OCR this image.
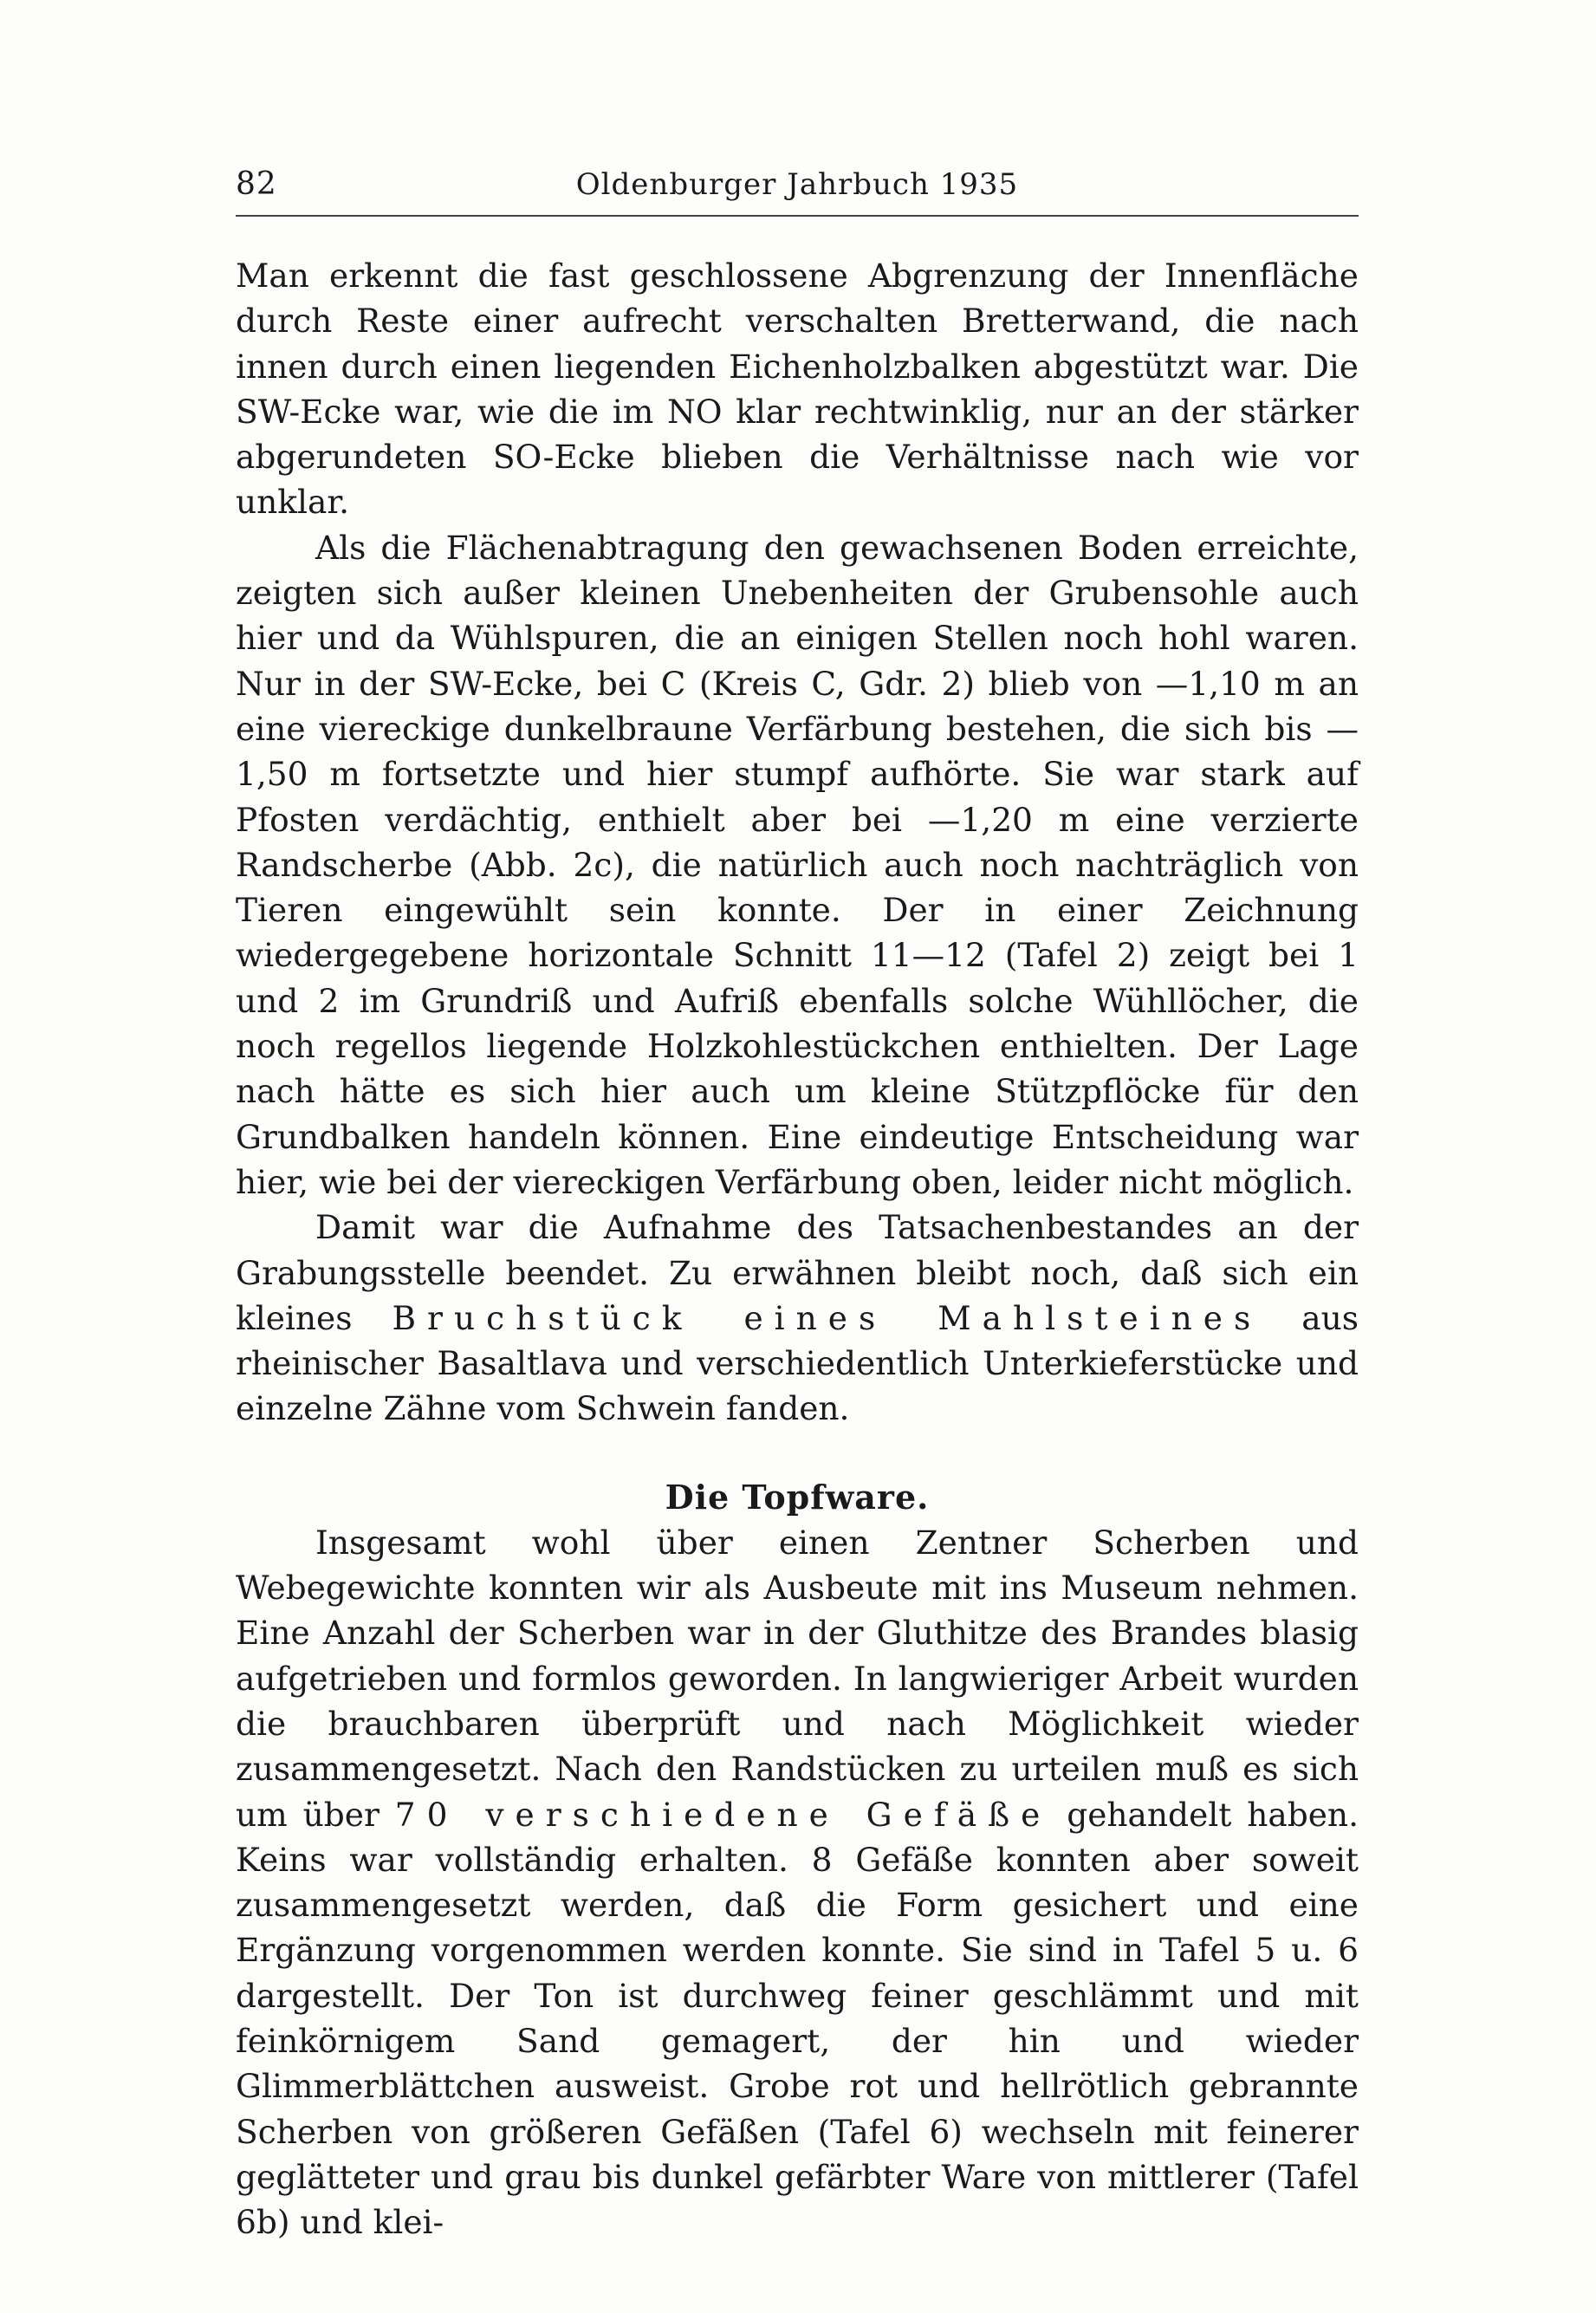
82	Oldenburger Jahrbuch 1935

Man erkennt die fast geschlossene Abgrenzung der Innenfläche durch Reste einer aufrecht verschalten Bretterwand, die nach innen durch einen liegenden Eichenholzbalken abgestützt war. Die SW-Ecke war, wie die im NO klar rechtwinklig, nur an der stärker abgerundeten SO-Ecke blieben die Verhältnisse nach wie vor unklar.

Als die Flächenabtragung den gewachsenen Boden erreichte, zeigten sich außer kleinen Unebenheiten der Grubensohle auch hier und da Wühlspuren, die an einigen Stellen noch hohl waren. Nur in der SW-Ecke, bei C (Kreis C, Gdr. 2) blieb von —1,10 m an eine viereckige dunkelbraune Verfärbung bestehen, die sich bis —1,50 m fortsetzte und hier stumpf aufhörte. Sie war stark auf Pfosten verdächtig, enthielt aber bei —1,20 m eine verzierte Randscherbe (Abb. 2c), die natürlich auch noch nachträglich von Tieren eingewühlt sein konnte. Der in einer Zeichnung wiedergegebene horizontale Schnitt 11—12 (Tafel 2) zeigt bei 1 und 2 im Grundriß und Aufriß ebenfalls solche Wühllöcher, die noch regellos liegende Holzkohlestückchen enthielten. Der Lage nach hätte es sich hier auch um kleine Stützpflöcke für den Grundbalken handeln können. Eine eindeutige Entscheidung war hier, wie bei der viereckigen Verfärbung oben, leider nicht möglich.

Damit war die Aufnahme des Tatsachenbestandes an der Grabungsstelle beendet. Zu erwähnen bleibt noch, daß sich ein kleines Bruchstück eines Mahlsteines aus rheinischer Basaltlava und verschiedentlich Unterkieferstücke und einzelne Zähne vom Schwein fanden.

Die Topfware.

Insgesamt wohl über einen Zentner Scherben und Webegewichte konnten wir als Ausbeute mit ins Museum nehmen. Eine Anzahl der Scherben war in der Gluthitze des Brandes blasig aufgetrieben und formlos geworden. In langwieriger Arbeit wurden die brauchbaren überprüft und nach Möglichkeit wieder zusammengesetzt. Nach den Randstücken zu urteilen muß es sich um über 70 verschiedene Gefäße gehandelt haben. Keins war vollständig erhalten. 8 Gefäße konnten aber soweit zusammengesetzt werden, daß die Form gesichert und eine Ergänzung vorgenommen werden konnte. Sie sind in Tafel 5 u. 6 dargestellt. Der Ton ist durchweg feiner geschlämmt und mit feinkörnigem Sand gemagert, der hin und wieder Glimmerblättchen ausweist. Grobe rot und hellrötlich gebrannte Scherben von größeren Gefäßen (Tafel 6) wechseln mit feinerer geglätteter und grau bis dunkel gefärbter Ware von mittlerer (Tafel 6b) und klei-
